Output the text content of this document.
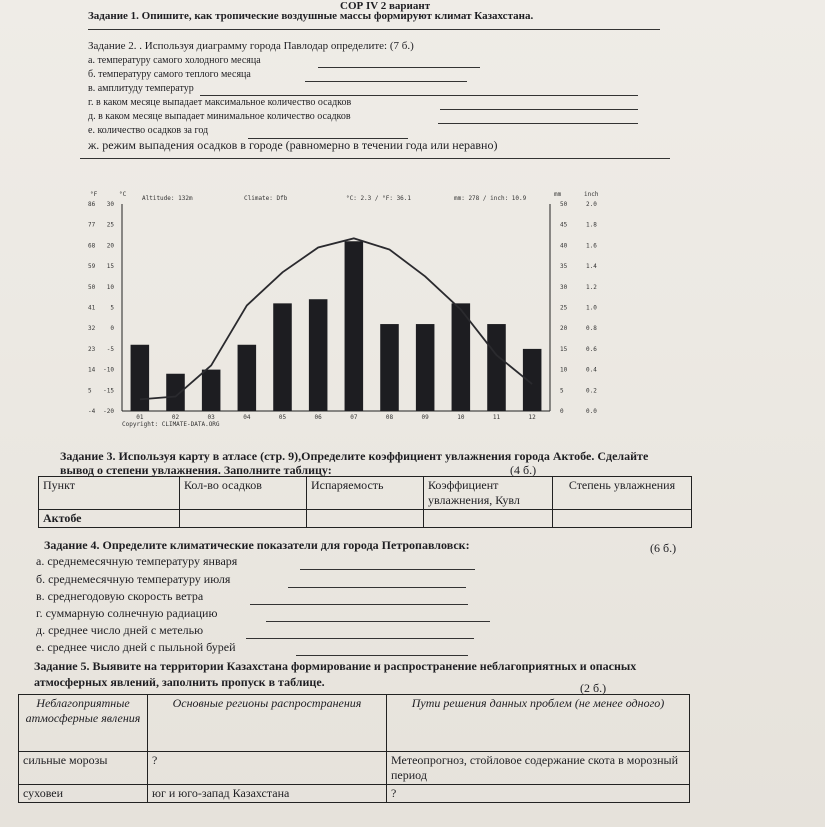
СОР IV 2 вариант
Задание 1. Опишите, как тропические воздушные массы формируют климат Казахстана.
Задание 2. . Используя диаграмму города Павлодар определите: (7 б.)
а. температуру самого холодного месяца
б. температуру самого теплого месяца
в. амплитуду температур
г. в каком месяце выпадает максимальное количество осадков
д. в каком месяце выпадает минимальное количество осадков
е. количество осадков за год
ж. режим выпадения осадков в городе (равномерно в течении года или неравно)
°F	°C
Altitude: 132m	Climate: Dfb	°C: 2.3 / °F: 36.1	mm: 278 / inch: 10.9
mm	inch
Copyright: CLIMATE-DATA.ORG
86 30	50	2.0
77 25	45	1.8
68 20	40	1.6
59 15	35	1.4
50 10	30	1.2
41	5	25	1.0
32	0	20	0.8
23 -5	15	0.6
14 -10	10	0.4
5 -15	5	0.2
-4 -20	0	0.0
01	02	03	04	05	06	07	08	09	10	11	12
Задание 3. Используя карту в атласе (стр. 9),Определите коэффициент увлажнения города Актобе. Сделайте
вывод о степени увлажнения. Заполните таблицу:	(4 б.)
Пункт	Кол-во осадков	Испаряемость	Коэффициент увлажнения, Кувл	Степень увлажнения
Актобе				
Задание 4. Определите климатические показатели для города Петропавловск:	(6 б.)
а. среднемесячную температуру января
б. среднемесячную температуру июля
в. среднегодовую скорость ветра
г. суммарную солнечную радиацию
д. среднее число дней с метелью
е. среднее число дней с пыльной бурей
Задание 5. Выявите на территории Казахстана формирование и распространение неблагоприятных и опасных
атмосферных явлений, заполнить пропуск в таблице.	(2 б.)
Неблагоприятные атмосферные явления	Основные регионы распространения	Пути решения данных проблем (не менее одного)
сильные морозы	?	Метеопрогноз, стойловое содержание скота в морозный период
суховеи	юг и юго-запад Казахстана	?
